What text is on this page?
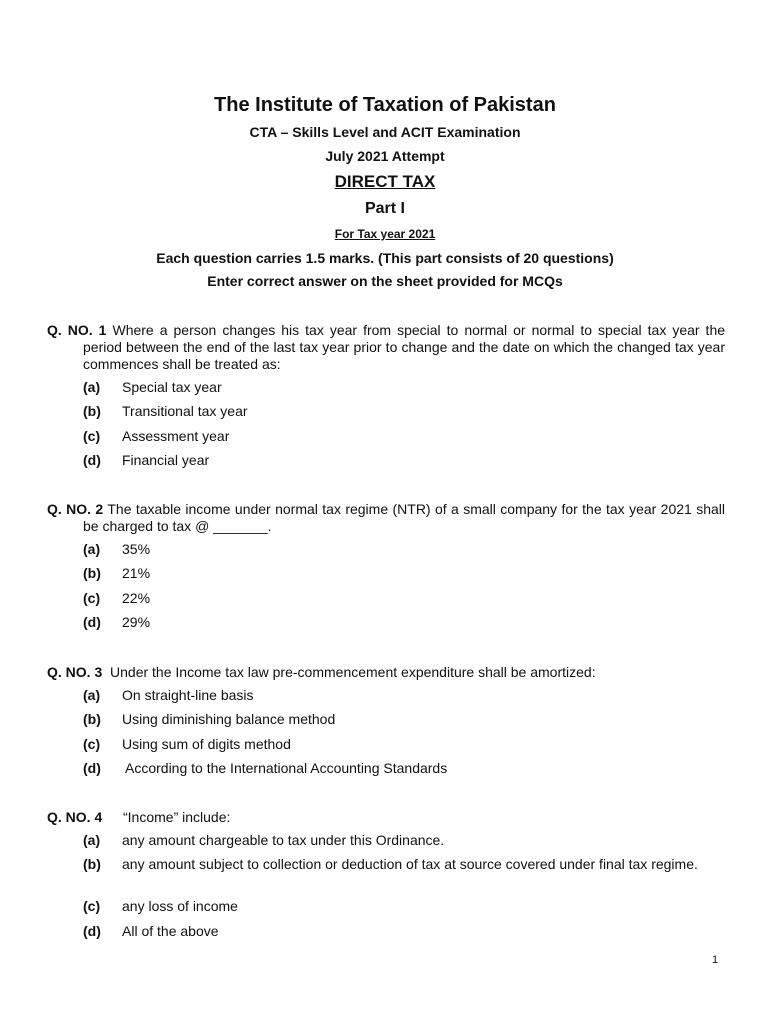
The Institute of Taxation of Pakistan
CTA – Skills Level and ACIT Examination
July 2021 Attempt
DIRECT TAX
Part I
For Tax year 2021
Each question carries 1.5 marks. (This part consists of 20 questions)
Enter correct answer on the sheet provided for MCQs
Q. NO. 1 Where a person changes his tax year from special to normal or normal to special tax year the period between the end of the last tax year prior to change and the date on which the changed tax year commences shall be treated as:
(a)	Special tax year
(b)	Transitional tax year
(c)	Assessment year
(d)	Financial year
Q. NO. 2 The taxable income under normal tax regime (NTR) of a small company for the tax year 2021 shall be charged to tax @ _______.
(a)	35%
(b)	21%
(c)	22%
(d)	29%
Q. NO. 3 Under the Income tax law pre-commencement expenditure shall be amortized:
(a)	On straight-line basis
(b)	Using diminishing balance method
(c)	Using sum of digits method
(d)	According to the International Accounting Standards
Q. NO. 4 “Income” include:
(a)	any amount chargeable to tax under this Ordinance.
(b)	any amount subject to collection or deduction of tax at source covered under final tax regime.
(c)	any loss of income
(d)	All of the above
1
